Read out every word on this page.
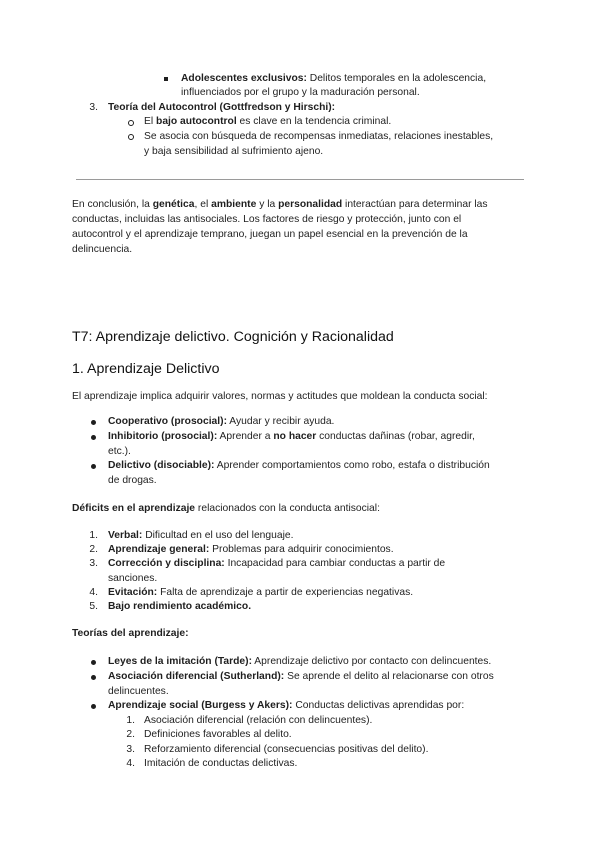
Adolescentes exclusivos: Delitos temporales en la adolescencia,
influenciados por el grupo y la maduración personal.
3. Teoría del Autocontrol (Gottfredson y Hirschi):
El bajo autocontrol es clave en la tendencia criminal.
Se asocia con búsqueda de recompensas inmediatas, relaciones inestables,
y baja sensibilidad al sufrimiento ajeno.
En conclusión, la genética, el ambiente y la personalidad interactúan para determinar las
conductas, incluidas las antisociales. Los factores de riesgo y protección, junto con el
autocontrol y el aprendizaje temprano, juegan un papel esencial en la prevención de la
delincuencia.
T7: Aprendizaje delictivo. Cognición y Racionalidad
1. Aprendizaje Delictivo
El aprendizaje implica adquirir valores, normas y actitudes que moldean la conducta social:
Cooperativo (prosocial): Ayudar y recibir ayuda.
Inhibitorio (prosocial): Aprender a no hacer conductas dañinas (robar, agredir,
etc.).
Delictivo (disociable): Aprender comportamientos como robo, estafa o distribución
de drogas.
Déficits en el aprendizaje relacionados con la conducta antisocial:
1. Verbal: Dificultad en el uso del lenguaje.
2. Aprendizaje general: Problemas para adquirir conocimientos.
3. Corrección y disciplina: Incapacidad para cambiar conductas a partir de
sanciones.
4. Evitación: Falta de aprendizaje a partir de experiencias negativas.
5. Bajo rendimiento académico.
Teorías del aprendizaje:
Leyes de la imitación (Tarde): Aprendizaje delictivo por contacto con delincuentes.
Asociación diferencial (Sutherland): Se aprende el delito al relacionarse con otros
delincuentes.
Aprendizaje social (Burgess y Akers): Conductas delictivas aprendidas por:
1. Asociación diferencial (relación con delincuentes).
2. Definiciones favorables al delito.
3. Reforzamiento diferencial (consecuencias positivas del delito).
4. Imitación de conductas delictivas.
